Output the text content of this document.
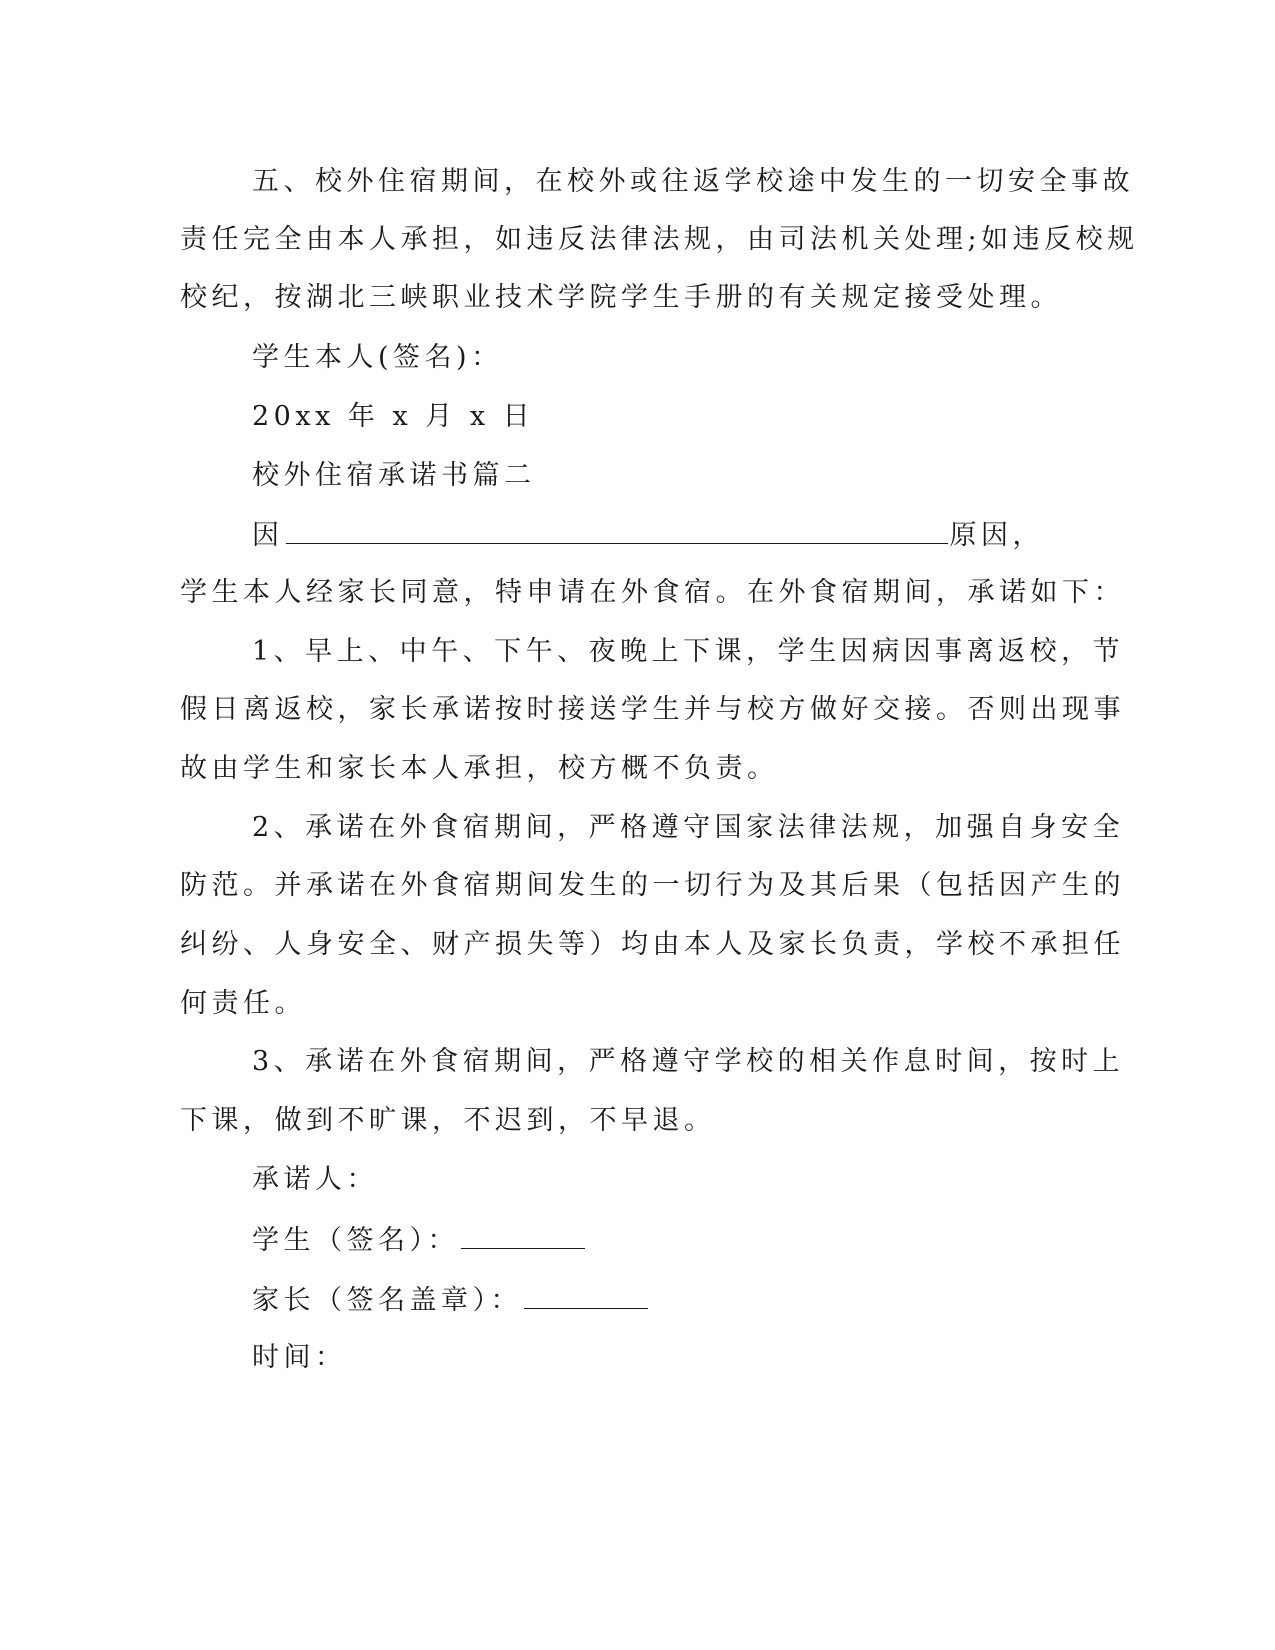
五、校外住宿期间，在校外或往返学校途中发生的一切安全事故
责任完全由本人承担，如违反法律法规，由司法机关处理;如违反校规
校纪，按湖北三峡职业技术学院学生手册的有关规定接受处理。
学生本人(签名)：
20xx 年 x 月 x 日
校外住宿承诺书篇二
因	原因，
学生本人经家长同意，特申请在外食宿。在外食宿期间，承诺如下：
1、早上、中午、下午、夜晚上下课，学生因病因事离返校，节
假日离返校，家长承诺按时接送学生并与校方做好交接。否则出现事
故由学生和家长本人承担，校方概不负责。
2、承诺在外食宿期间，严格遵守国家法律法规，加强自身安全
防范。并承诺在外食宿期间发生的一切行为及其后果（包括因产生的
纠纷、人身安全、财产损失等）均由本人及家长负责，学校不承担任
何责任。
3、承诺在外食宿期间，严格遵守学校的相关作息时间，按时上
下课，做到不旷课，不迟到，不早退。
承诺人：
学生（签名）：
家长（签名盖章）：
时间：
